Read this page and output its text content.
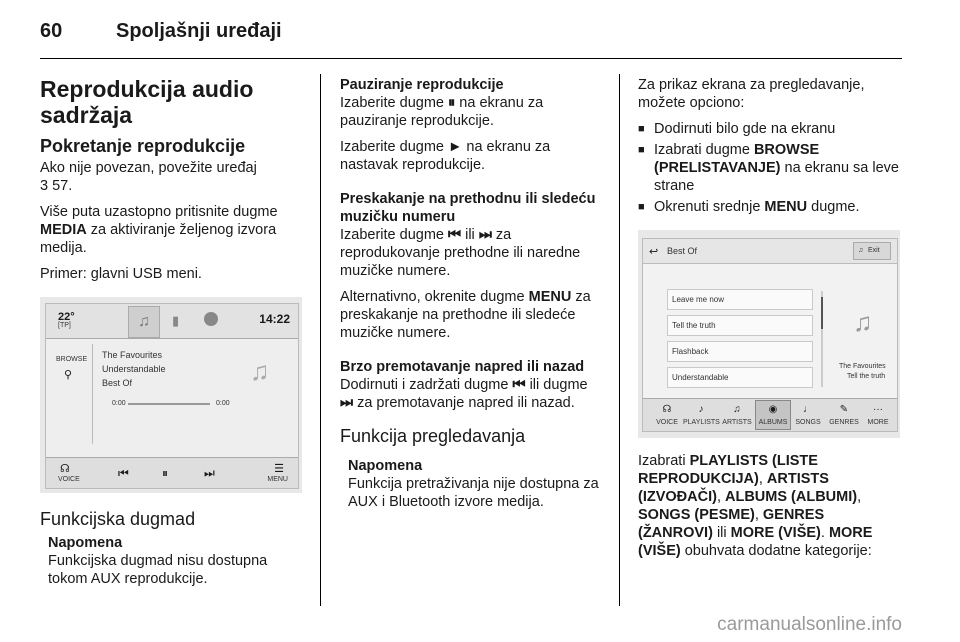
60	Spoljašnji uređaji
Reprodukcija audio sadržaja
Pokretanje reprodukcije

Ako nije povezan, povežite uređaj
3 57.

Više puta uzastopno pritisnite dugme MEDIA za aktiviranje željenog izvora medija.

Primer: glavni USB meni.

22°
[TP]	♫	▮	14:22
BROWSE
⚲
The Favourites
Understandable
Best Of
0:00	0:00
♫
☊
VOICE	⏮	⏸	⏭	☰
MENU
Funkcijska dugmad
Napomena
Funkcijska dugmad nisu dostupna tokom AUX reprodukcije.
Pauziranje reprodukcije

Izaberite dugme ⏸ na ekranu za pauziranje reprodukcije.

Izaberite dugme ► na ekranu za nastavak reprodukcije.

Preskakanje na prethodnu ili sledeću muzičku numeru

Izaberite dugme ⏮ ili ⏭ za reprodukovanje prethodne ili naredne muzičke numere.

Alternativno, okrenite dugme MENU za preskakanje na prethodne ili sledeće muzičke numere.

Brzo premotavanje napred ili nazad

Dodirnuti i zadržati dugme ⏮ ili dugme ⏭ za premotavanje napred ili nazad.

Funkcija pregledavanja
Napomena
Funkcija pretraživanja nije dostupna za AUX i Bluetooth izvore medija.

Za prikaz ekrana za pregledavanje, možete opciono:

■ Dodirnuti bilo gde na ekranu
■ Izabrati dugme BROWSE (PRELISTAVANJE) na ekranu sa leve strane
■ Okrenuti srednje MENU dugme.
↩ Best Of	♫ Exit
Leave me now
Tell the truth
Flashback
Understandable
♫
The Favourites
Tell the truth
☊
VOICE
♪
PLAYLISTS
♫
ARTISTS
◉
ALBUMS
♩
SONGS
✎
GENRES
···
MORE

Izabrati PLAYLISTS (LISTE REPRODUKCIJA), ARTISTS (IZVOĐAČI), ALBUMS (ALBUMI), SONGS (PESME), GENRES (ŽANROVI) ili MORE (VIŠE). MORE (VIŠE) obuhvata dodatne kategorije:

carmanualsonline.info
